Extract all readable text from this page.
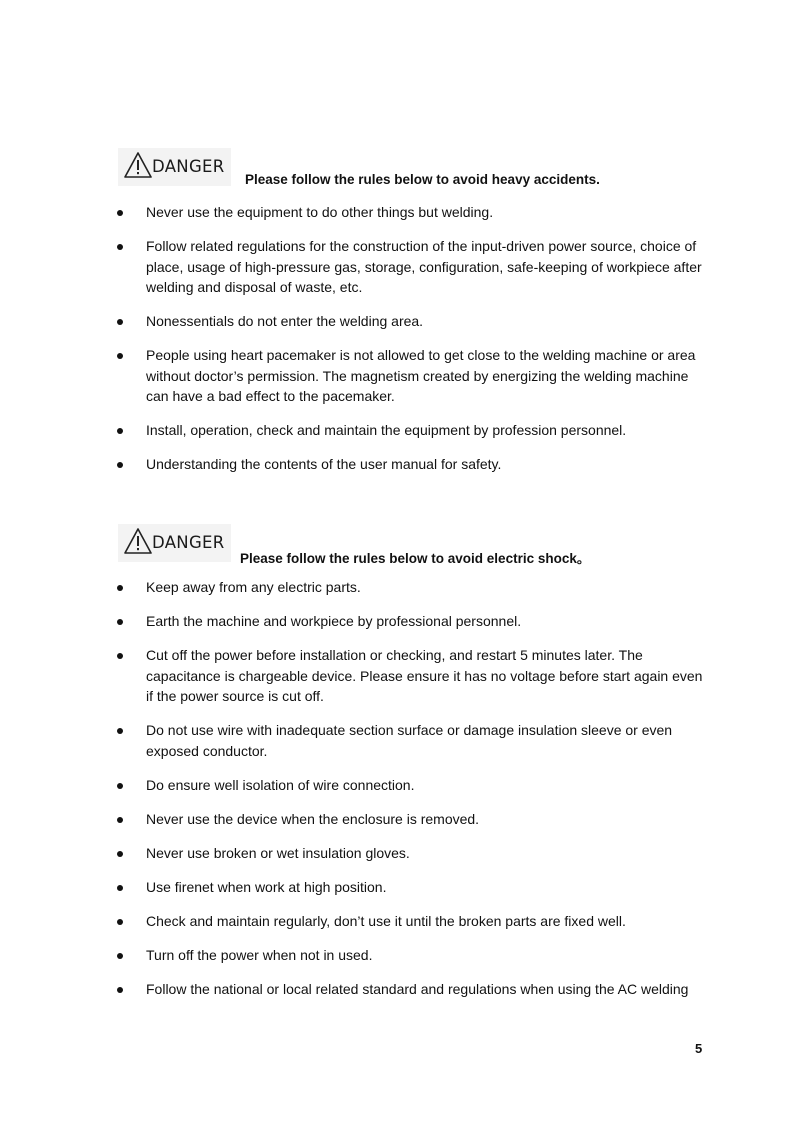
DANGER
Please follow the rules below to avoid heavy accidents.
Never use the equipment to do other things but welding.
Follow related regulations for the construction of the input-driven power source, choice of place, usage of high-pressure gas, storage, configuration, safe-keeping of workpiece after welding and disposal of waste, etc.
Nonessentials do not enter the welding area.
People using heart pacemaker is not allowed to get close to the welding machine or area without doctor’s permission. The magnetism created by energizing the welding machine can have a bad effect to the pacemaker.
Install, operation, check and maintain the equipment by profession personnel.
Understanding the contents of the user manual for safety.
DANGER
Please follow the rules below to avoid electric shock。
Keep away from any electric parts.
Earth the machine and workpiece by professional personnel.
Cut off the power before installation or checking, and restart 5 minutes later. The capacitance is chargeable device. Please ensure it has no voltage before start again even if the power source is cut off.
Do not use wire with inadequate section surface or damage insulation sleeve or even exposed conductor.
Do ensure well isolation of wire connection.
Never use the device when the enclosure is removed.
Never use broken or wet insulation gloves.
Use firenet when work at high position.
Check and maintain regularly, don’t use it until the broken parts are fixed well.
Turn off the power when not in used.
Follow the national or local related standard and regulations when using the AC welding
5
